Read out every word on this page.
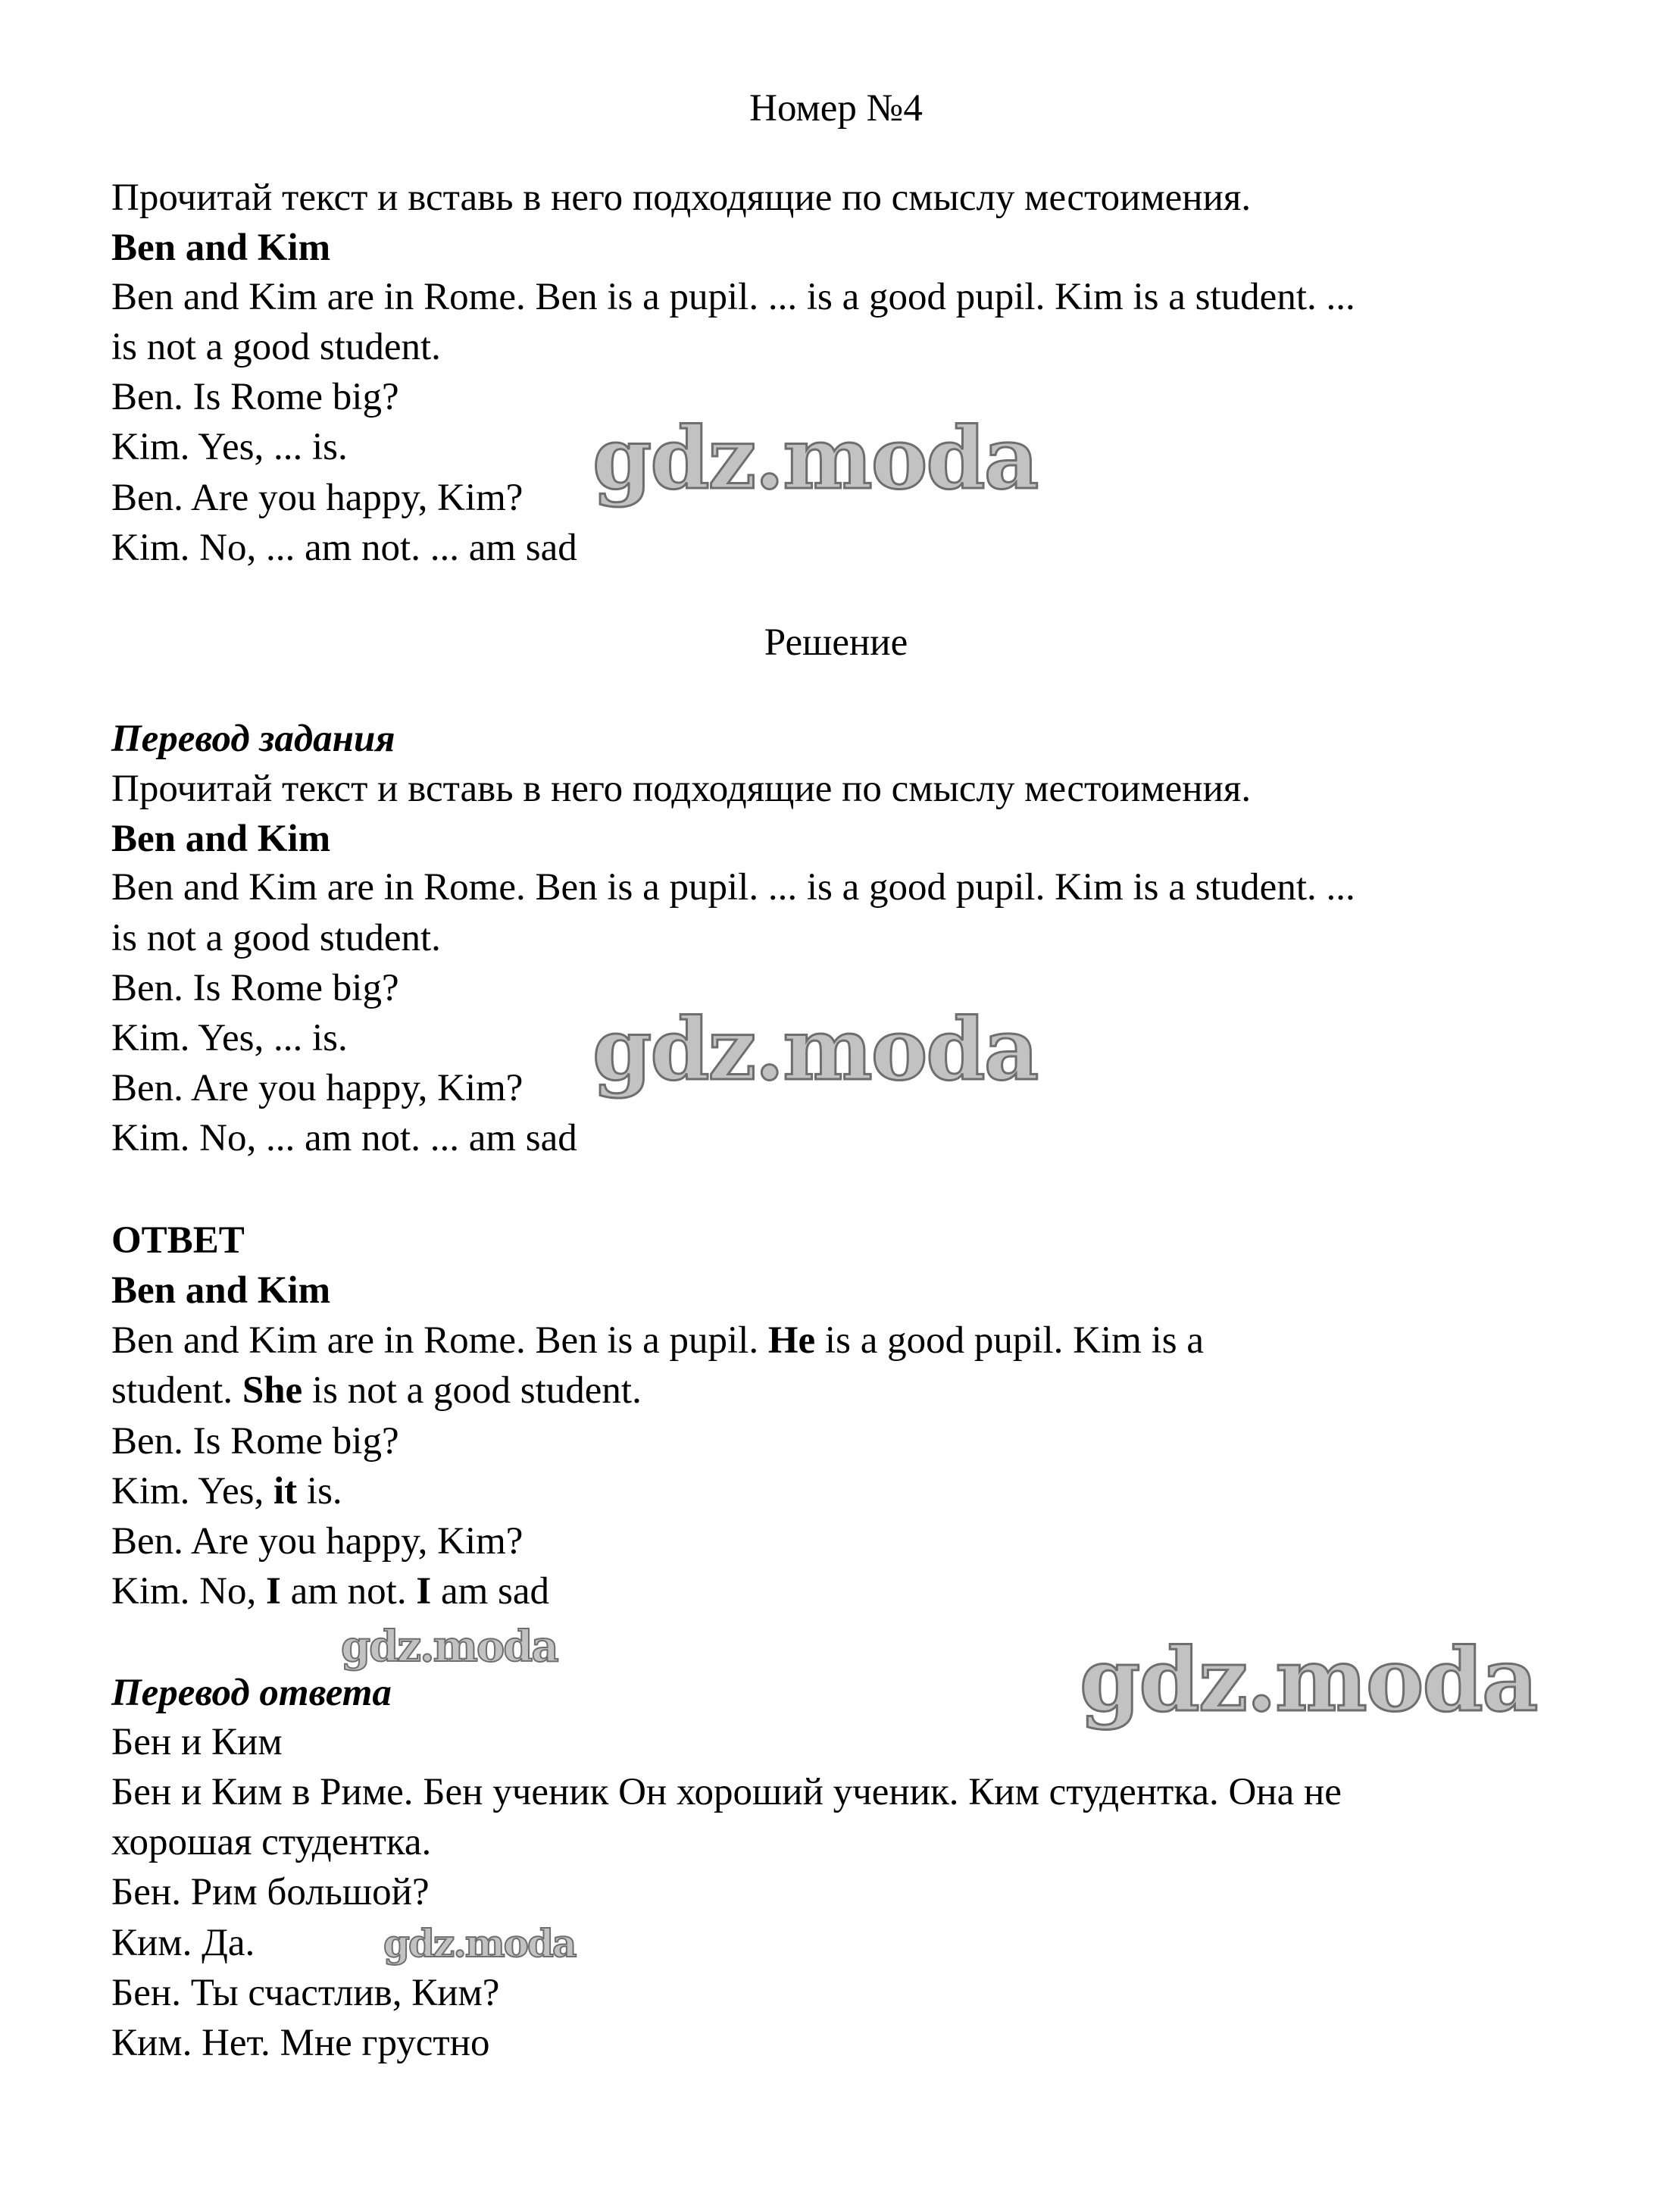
Номер №4
Прочитай текст и вставь в него подходящие по смыслу местоимения.
Ben and Kim
Ben and Kim are in Rome. Ben is a pupil. ... is a good pupil. Kim is a student. ...
is not a good student.
Ben. Is Rome big?
Kim. Yes, ... is.
Ben. Are you happy, Kim?
Kim. No, ... am not. ... am sad
Решение
Перевод задания
Прочитай текст и вставь в него подходящие по смыслу местоимения.
Ben and Kim
Ben and Kim are in Rome. Ben is a pupil. ... is a good pupil. Kim is a student. ...
is not a good student.
Ben. Is Rome big?
Kim. Yes, ... is.
Ben. Are you happy, Kim?
Kim. No, ... am not. ... am sad
ОТВЕТ
Ben and Kim
Ben and Kim are in Rome. Ben is a pupil. He is a good pupil. Kim is a
student. She is not a good student.
Ben. Is Rome big?
Kim. Yes, it is.
Ben. Are you happy, Kim?
Kim. No, I am not. I am sad
Перевод ответа
Бен и Ким
Бен и Ким в Риме. Бен ученик Он хороший ученик. Ким студентка. Она не
хорошая студентка.
Бен. Рим большой?
Ким. Да.
Бен. Ты счастлив, Ким?
Ким. Нет. Мне грустно
gdz.moda
gdz.moda
gdz.moda	gdz.moda
gdz.moda
